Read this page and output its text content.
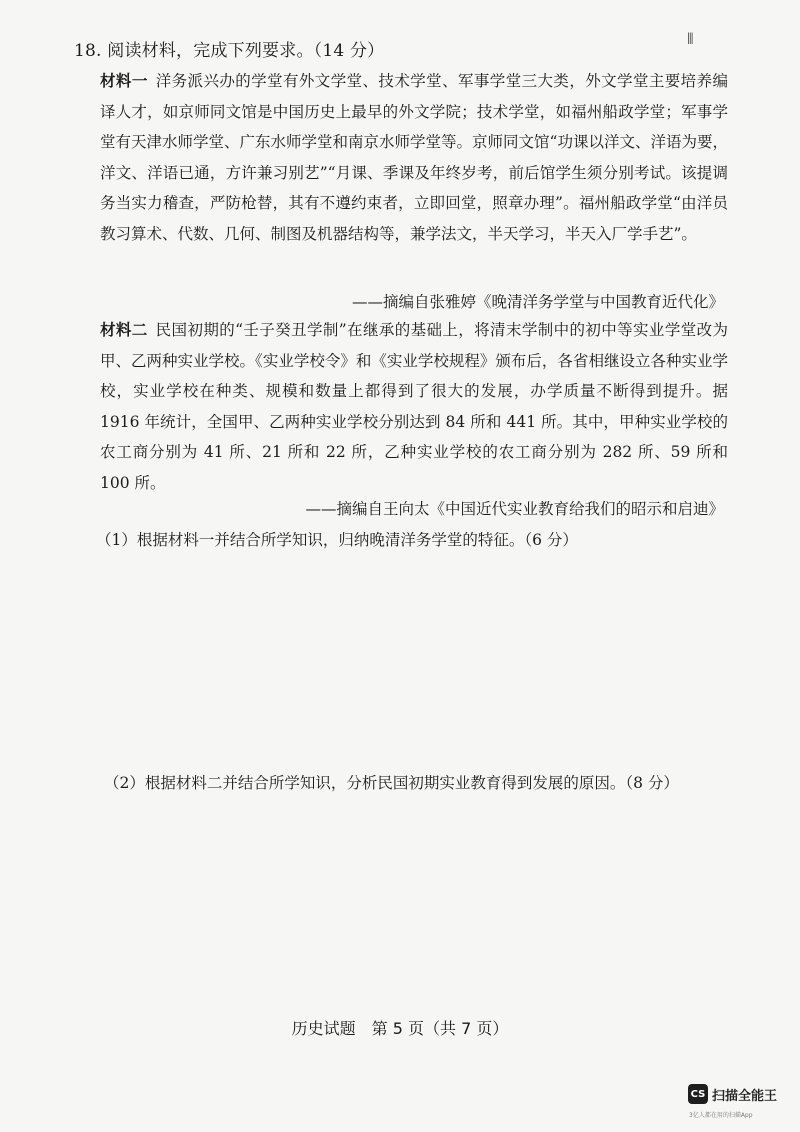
18. 阅读材料，完成下列要求。（14 分）
⦀
材料一 洋务派兴办的学堂有外文学堂、技术学堂、军事学堂三大类，外文学堂主要培养编译人才，如京师同文馆是中国历史上最早的外文学院；技术学堂，如福州船政学堂；军事学堂有天津水师学堂、广东水师学堂和南京水师学堂等。京师同文馆“功课以洋文、洋语为要，洋文、洋语已通，方许兼习别艺”“月课、季课及年终岁考，前后馆学生须分别考试。该提调务当实力稽查，严防枪替，其有不遵约束者，立即回堂，照章办理”。福州船政学堂“由洋员教习算术、代数、几何、制图及机器结构等，兼学法文，半天学习，半天入厂学手艺”。
——摘编自张雅婷《晚清洋务学堂与中国教育近代化》
材料二 民国初期的“壬子癸丑学制”在继承的基础上，将清末学制中的初中等实业学堂改为甲、乙两种实业学校。《实业学校令》和《实业学校规程》颁布后，各省相继设立各种实业学校，实业学校在种类、规模和数量上都得到了很大的发展，办学质量不断得到提升。据 1916 年统计，全国甲、乙两种实业学校分别达到 84 所和 441 所。其中，甲种实业学校的农工商分别为 41 所、21 所和 22 所，乙种实业学校的农工商分别为 282 所、59 所和 100 所。
——摘编自王向太《中国近代实业教育给我们的昭示和启迪》
（1）根据材料一并结合所学知识，归纳晚清洋务学堂的特征。（6 分）
（2）根据材料二并结合所学知识，分析民国初期实业教育得到发展的原因。（8 分）
历史试题 第 5 页（共 7 页）
CS 扫描全能王
3亿人都在用的扫描App
